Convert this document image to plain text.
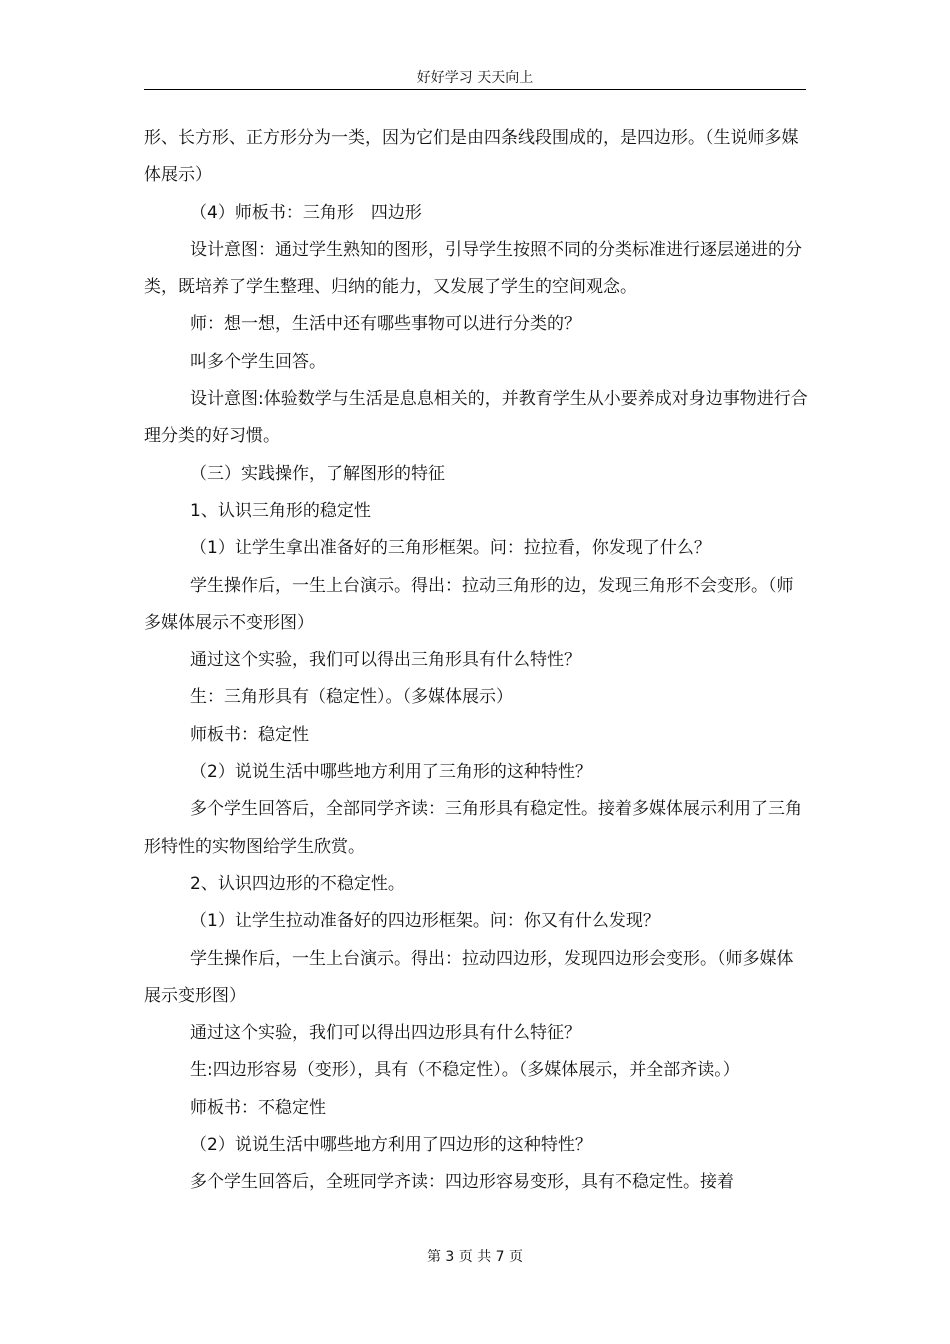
好好学习 天天向上

形、长方形、正方形分为一类，因为它们是由四条线段围成的，是四边形。（生说师多媒体展示）

（4）师板书：三角形　四边形

设计意图：通过学生熟知的图形，引导学生按照不同的分类标准进行逐层递进的分类，既培养了学生整理、归纳的能力，又发展了学生的空间观念。

师：想一想，生活中还有哪些事物可以进行分类的？

叫多个学生回答。

设计意图:体验数学与生活是息息相关的，并教育学生从小要养成对身边事物进行合理分类的好习惯。

（三）实践操作，了解图形的特征

1、认识三角形的稳定性

（1）让学生拿出准备好的三角形框架。问：拉拉看，你发现了什么？

学生操作后，一生上台演示。得出：拉动三角形的边，发现三角形不会变形。（师多媒体展示不变形图）

通过这个实验，我们可以得出三角形具有什么特性？

生：三角形具有（稳定性）。（多媒体展示）

师板书：稳定性

（2）说说生活中哪些地方利用了三角形的这种特性？

多个学生回答后，全部同学齐读：三角形具有稳定性。接着多媒体展示利用了三角形特性的实物图给学生欣赏。

2、认识四边形的不稳定性。

（1）让学生拉动准备好的四边形框架。问：你又有什么发现？

学生操作后，一生上台演示。得出：拉动四边形，发现四边形会变形。（师多媒体展示变形图）

通过这个实验，我们可以得出四边形具有什么特征？

生:四边形容易（变形），具有（不稳定性）。（多媒体展示，并全部齐读。）

师板书：不稳定性

（2）说说生活中哪些地方利用了四边形的这种特性？

多个学生回答后，全班同学齐读：四边形容易变形，具有不稳定性。接着

第 3 页 共 7 页
